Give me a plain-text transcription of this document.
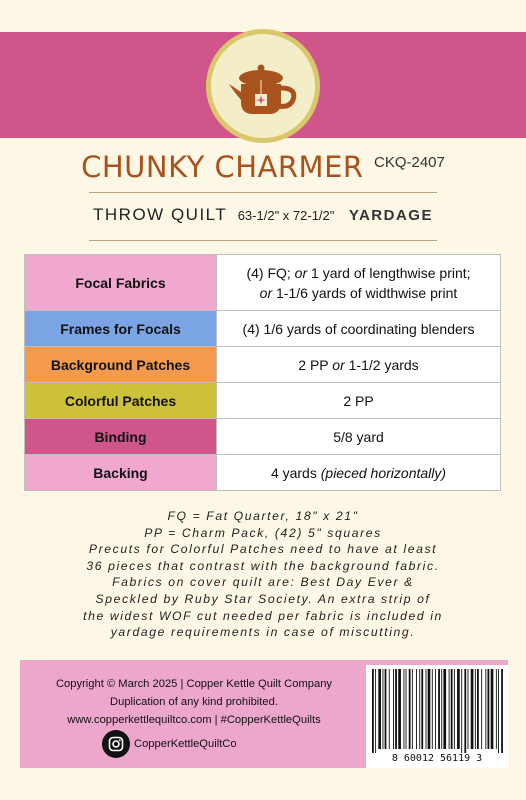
CHUNKY CHARMER CKQ-2407
THROW QUILT 63-1/2" x 72-1/2" YARDAGE
Focal Fabrics	(4) FQ; or 1 yard of lengthwise print;
or 1-1/6 yards of widthwise print
Frames for Focals	(4) 1/6 yards of coordinating blenders
Background Patches	2 PP or 1-1/2 yards
Colorful Patches	2 PP
Binding	5/8 yard
Backing	4 yards (pieced horizontally)
FQ = Fat Quarter, 18" x 21"
PP = Charm Pack, (42) 5" squares
Precuts for Colorful Patches need to have at least
36 pieces that contrast with the background fabric.
Fabrics on cover quilt are: Best Day Ever &
Speckled by Ruby Star Society. An extra strip of
the widest WOF cut needed per fabric is included in
yardage requirements in case of miscutting.
Copyright © March 2025 | Copper Kettle Quilt Company
Duplication of any kind prohibited.
www.copperkettlequiltco.com | #CopperKettleQuilts
CopperKettleQuiltCo
8 60012 56119 3
